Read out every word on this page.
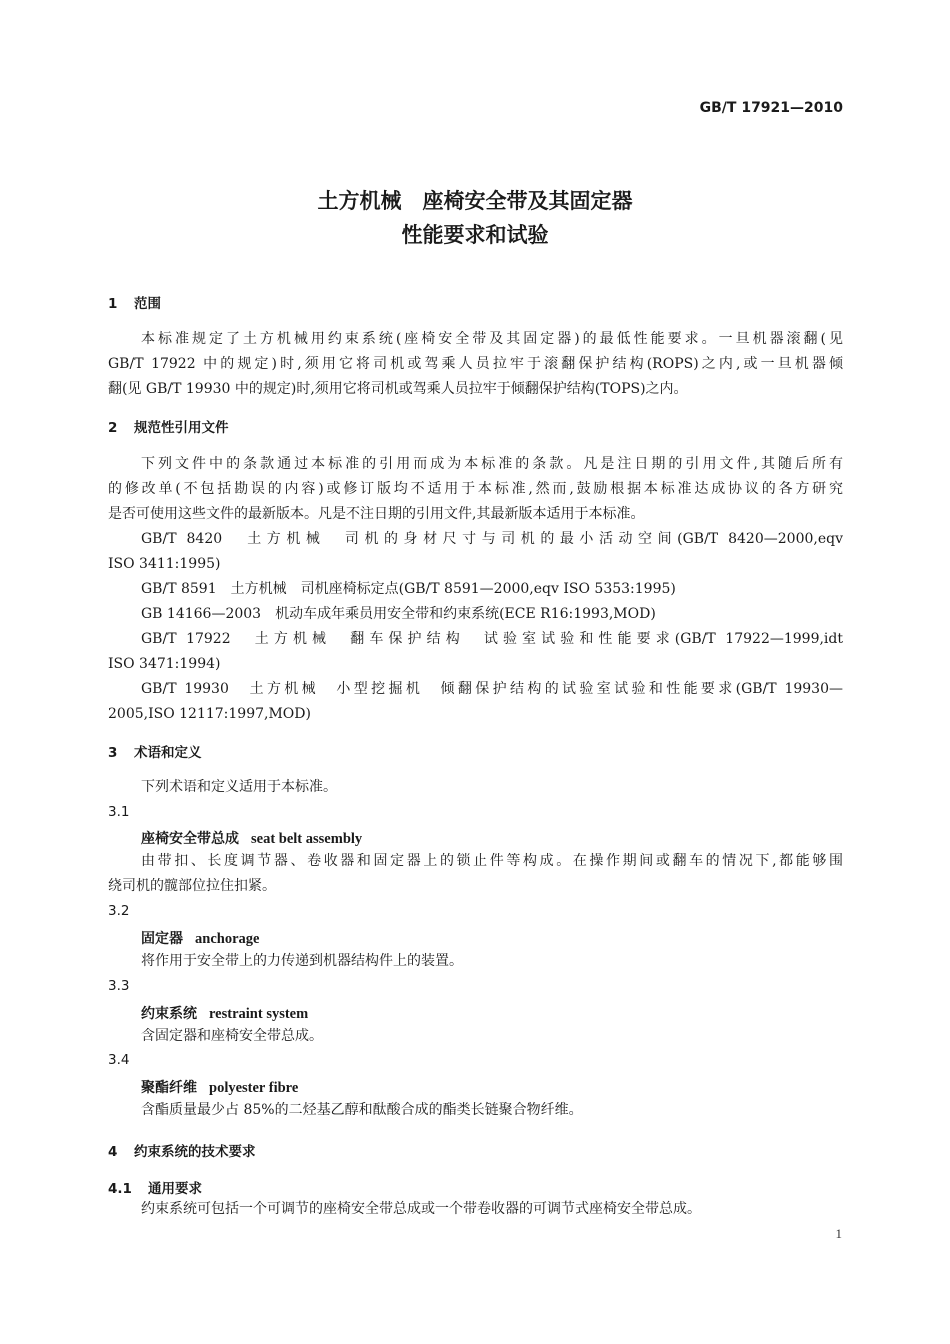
GB/T 17921—2010
土方机械　座椅安全带及其固定器
性能要求和试验
1 范围
本标准规定了土方机械用约束系统(座椅安全带及其固定器)的最低性能要求。一旦机器滚翻(见
GB/T 17922 中的规定)时,须用它将司机或驾乘人员拉牢于滚翻保护结构(ROPS)之内,或一旦机器倾
翻(见 GB/T 19930 中的规定)时,须用它将司机或驾乘人员拉牢于倾翻保护结构(TOPS)之内。
2 规范性引用文件
下列文件中的条款通过本标准的引用而成为本标准的条款。凡是注日期的引用文件,其随后所有
的修改单(不包括勘误的内容)或修订版均不适用于本标准,然而,鼓励根据本标准达成协议的各方研究
是否可使用这些文件的最新版本。凡是不注日期的引用文件,其最新版本适用于本标准。
GB/T 8420　土方机械　司机的身材尺寸与司机的最小活动空间(GB/T 8420—2000,eqv
ISO 3411:1995)
GB/T 8591　土方机械　司机座椅标定点(GB/T 8591—2000,eqv ISO 5353:1995)
GB 14166—2003　机动车成年乘员用安全带和约束系统(ECE R16:1993,MOD)
GB/T 17922　土方机械　翻车保护结构　试验室试验和性能要求(GB/T 17922—1999,idt
ISO 3471:1994)
GB/T 19930　土方机械　小型挖掘机　倾翻保护结构的试验室试验和性能要求(GB/T 19930—
2005,ISO 12117:1997,MOD)
3 术语和定义
下列术语和定义适用于本标准。
3.1
座椅安全带总成 seat belt assembly
由带扣、长度调节器、卷收器和固定器上的锁止件等构成。在操作期间或翻车的情况下,都能够围
绕司机的髋部位拉住扣紧。
3.2
固定器 anchorage
将作用于安全带上的力传递到机器结构件上的装置。
3.3
约束系统 restraint system
含固定器和座椅安全带总成。
3.4
聚酯纤维 polyester fibre
含酯质量最少占 85%的二烃基乙醇和酞酸合成的酯类长链聚合物纤维。
4 约束系统的技术要求
4.1 通用要求
约束系统可包括一个可调节的座椅安全带总成或一个带卷收器的可调节式座椅安全带总成。
1
